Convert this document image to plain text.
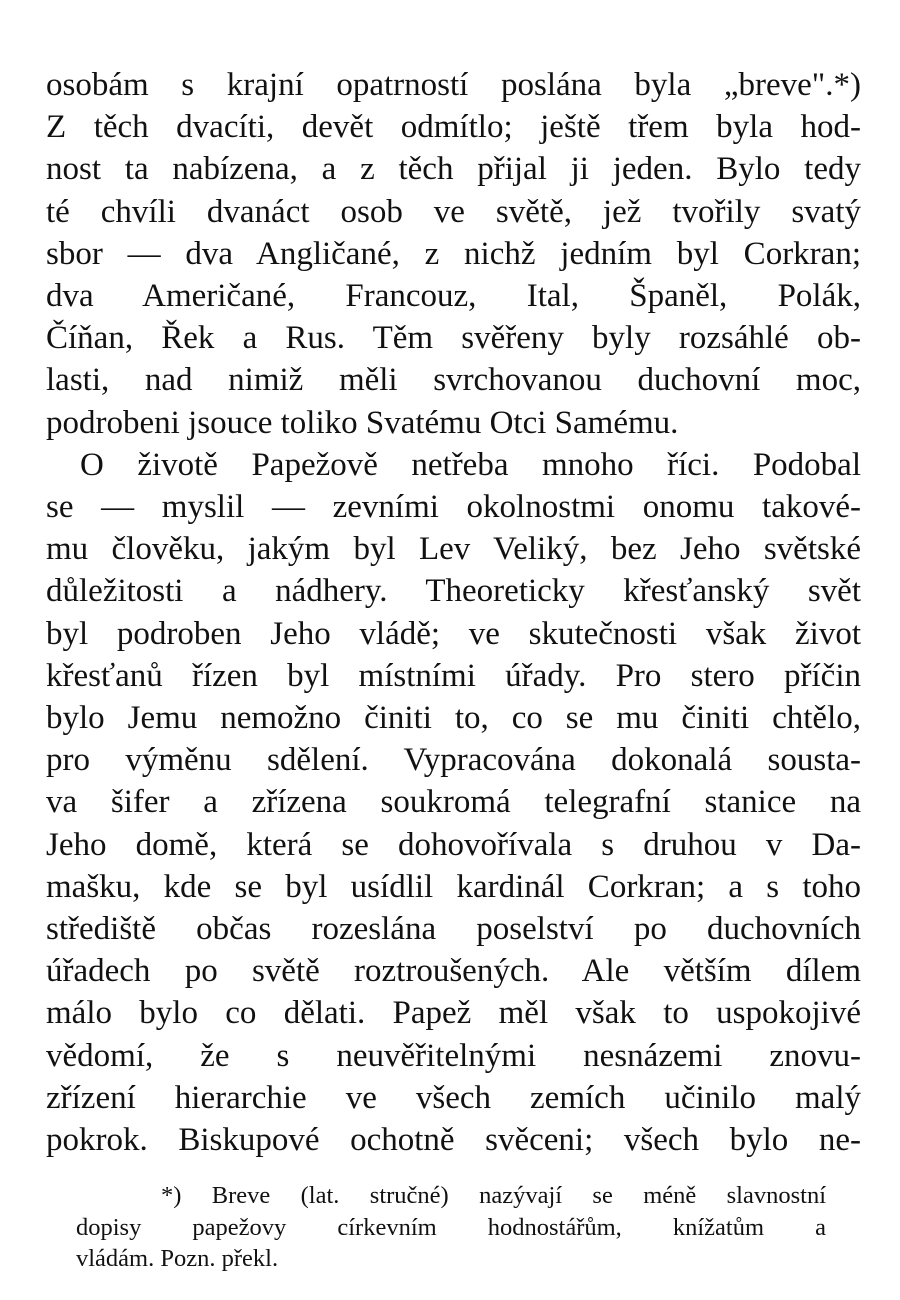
osobám s krajní opatrností poslána byla „breve".*)
Z těch dvacíti, devět odmítlo; ještě třem byla hod-
nost ta nabízena, a z těch přijal ji jeden. Bylo tedy
té chvíli dvanáct osob ve světě, jež tvořily svatý
sbor — dva Angličané, z nichž jedním byl Corkran;
dva Američané, Francouz, Ital, Španěl, Polák,
Číňan, Řek a Rus. Těm svěřeny byly rozsáhlé ob-
lasti, nad nimiž měli svrchovanou duchovní moc,
podrobeni jsouce toliko Svatému Otci Samému.
O životě Papežově netřeba mnoho říci. Podobal
se — myslil — zevními okolnostmi onomu takové-
mu člověku, jakým byl Lev Veliký, bez Jeho světské
důležitosti a nádhery. Theoreticky křesťanský svět
byl podroben Jeho vládě; ve skutečnosti však život
křesťanů řízen byl místními úřady. Pro stero příčin
bylo Jemu nemožno činiti to, co se mu činiti chtělo,
pro výměnu sdělení. Vypracována dokonalá sousta-
va šifer a zřízena soukromá telegrafní stanice na
Jeho domě, která se dohovořívala s druhou v Da-
mašku, kde se byl usídlil kardinál Corkran; a s toho
střediště občas rozeslána poselství po duchovních
úřadech po světě roztroušených. Ale větším dílem
málo bylo co dělati. Papež měl však to uspokojivé
vědomí, že s neuvěřitelnými nesnázemi znovu-
zřízení hierarchie ve všech zemích učinilo malý
pokrok. Biskupové ochotně svěceni; všech bylo ne-
*) Breve (lat. stručné) nazývají se méně slavnostní
dopisy papežovy církevním hodnostářům, knížatům a
vládám. Pozn. překl.
